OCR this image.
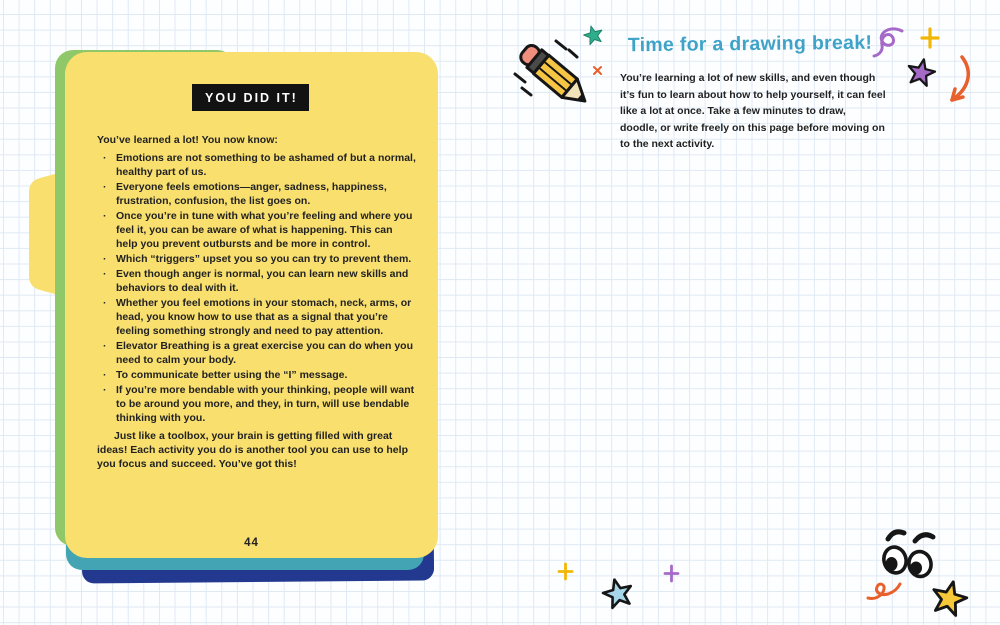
YOU DID IT!
You’ve learned a lot! You now know:
· Emotions are not something to be ashamed of but a normal, healthy part of us.
· Everyone feels emotions—anger, sadness, happiness, frustration, confusion, the list goes on.
· Once you’re in tune with what you’re feeling and where you feel it, you can be aware of what is happening. This can help you prevent outbursts and be more in control.
· Which “triggers” upset you so you can try to prevent them.
· Even though anger is normal, you can learn new skills and behaviors to deal with it.
· Whether you feel emotions in your stomach, neck, arms, or head, you know how to use that as a signal that you’re feeling something strongly and need to pay attention.
· Elevator Breathing is a great exercise you can do when you need to calm your body.
· To communicate better using the “I” message.
· If you’re more bendable with your thinking, people will want to be around you more, and they, in turn, will use bendable thinking with you.
Just like a toolbox, your brain is getting filled with great ideas! Each activity you do is another tool you can use to help you focus and succeed. You’ve got this!
44
Time for a drawing break!
You’re learning a lot of new skills, and even though it’s fun to learn about how to help yourself, it can feel like a lot at once. Take a few minutes to draw, doodle, or write freely on this page before moving on to the next activity.
